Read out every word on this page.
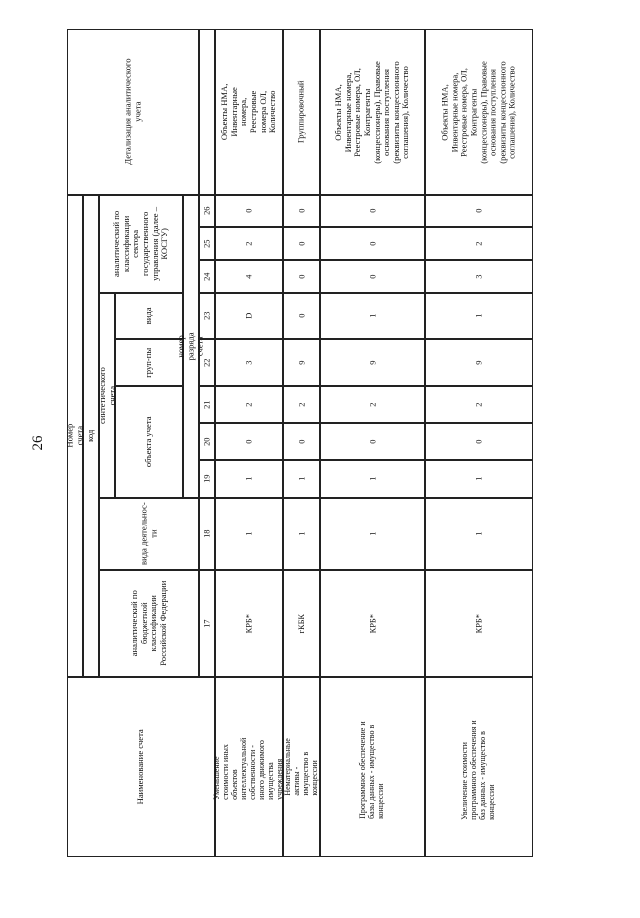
26
Наименование счета
Номер счета код
аналитический по бюджетной классификации Российской Федерации
вида деятельнос-ти
синтетического счета
объекта учета
груп-пы
вида
аналитический по классификации сектора государственного управления (далее – КОСГУ)
номер разряда счета
Детализация аналитического учета
17
18
19
20
21
22
23
24
25
26
Уменьшение стоимости иных объектов интеллектуальной собственности - иного движимого имущества учреждения
КРБ*
1
1
0
2
3
D
4
2
0
Объекты НМА, Инвентарные номера, Реестровые номера ОЛ, Количество
Нематериальные активы - имущество в концессии
гКБК
1
1
0
2
9
0
0
0
0
Группировочный
Программное обеспечение и базы данных - имущество в концессии
КРБ*
1
1
0
2
9
1
0
0
0
Объекты НМА, Инвентарные номера, Реестровые номера, ОЛ, Контрагенты (концессионеры), Правовые основания поступления (реквизиты концессионного соглашения), Количество
Увеличение стоимости программного обеспечения и баз данных - имущество в концессии
КРБ*
1
1
0
2
9
1
3
2
0
Объекты НМА, Инвентарные номера, Реестровые номера, ОЛ, Контрагенты (концессионеры), Правовые основания поступления (реквизиты концессионного соглашения), Количество
